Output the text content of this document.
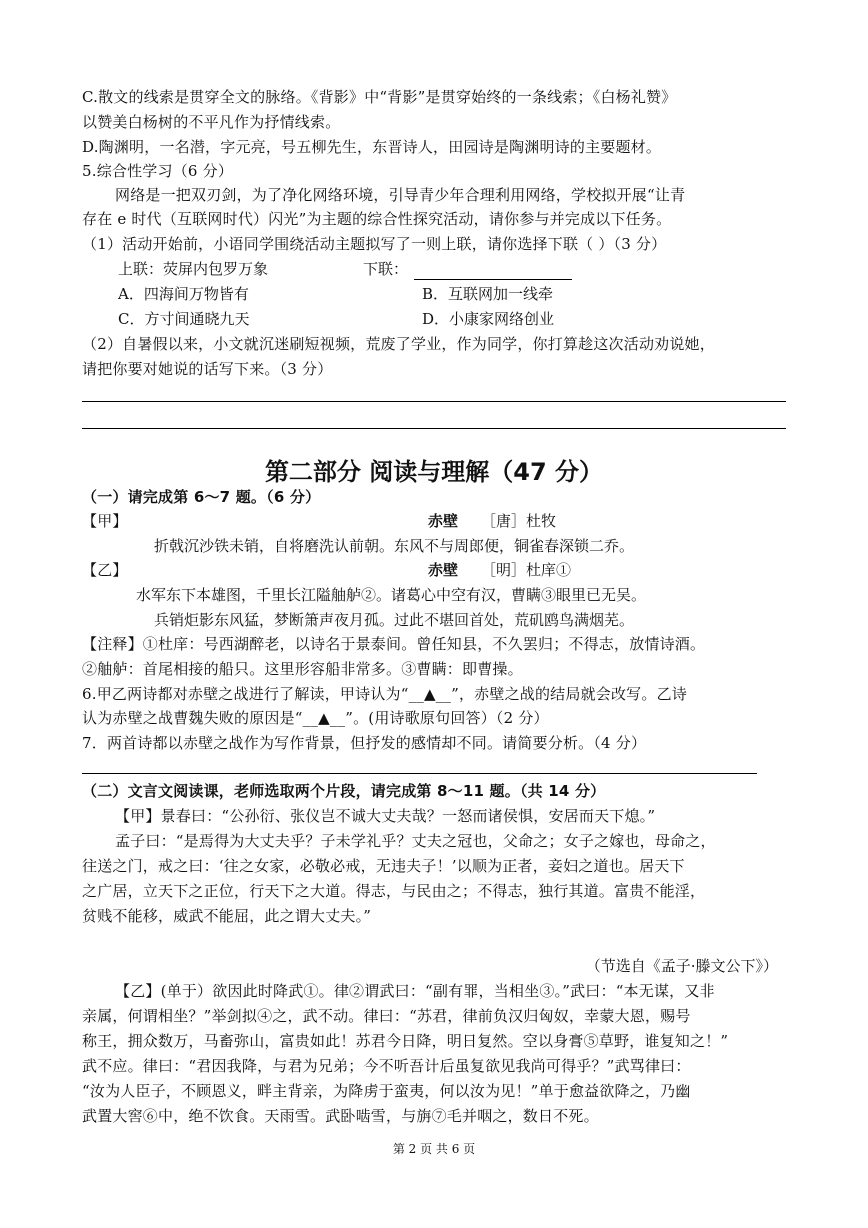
C.散文的线索是贯穿全文的脉络。《背影》中“背影”是贯穿始终的一条线索；《白杨礼赞》
以赞美白杨树的不平凡作为抒情线索。
D.陶渊明，一名潜，字元亮，号五柳先生，东晋诗人，田园诗是陶渊明诗的主要题材。
5.综合性学习（6 分）
网络是一把双刃剑，为了净化网络环境，引导青少年合理利用网络，学校拟开展“让青
存在 e 时代（互联网时代）闪光”为主题的综合性探究活动，请你参与并完成以下任务。
（1）活动开始前，小语同学围绕活动主题拟写了一则上联，请你选择下联（ ）（3 分）
上联：荧屏内包罗万象	下联：
A．四海间万物皆有	B．互联网加一线牵
C．方寸间通晓九天	D．小康家网络创业
（2）自暑假以来，小文就沉迷刷短视频，荒废了学业，作为同学，你打算趁这次活动劝说她，
请把你要对她说的话写下来。（3 分）
第二部分 阅读与理解（47 分）
（一）请完成第 6～7 题。（6 分）
【甲】	赤壁 ［唐］杜牧
折戟沉沙铁未销，自将磨洗认前朝。东风不与周郎便，铜雀春深锁二乔。
【乙】	赤壁 ［明］杜庠①
水军东下本雄图，千里长江隘舳舻②。诸葛心中空有汉，曹瞒③眼里已无吴。
兵销炬影东风猛，梦断箫声夜月孤。过此不堪回首处，荒矶鸥鸟满烟芜。
【注释】①杜庠：号西湖醉老，以诗名于景泰间。曾任知县，不久罢归；不得志，放情诗酒。
②舳舻：首尾相接的船只。这里形容船非常多。③曹瞒：即曹操。
6.甲乙两诗都对赤壁之战进行了解读，甲诗认为“__▲__”，赤壁之战的结局就会改写。乙诗
认为赤壁之战曹魏失败的原因是“__▲__”。(用诗歌原句回答）（2 分）
7．两首诗都以赤壁之战作为写作背景，但抒发的感情却不同。请简要分析。（4 分）
（二）文言文阅读课，老师选取两个片段，请完成第 8～11 题。（共 14 分）
【甲】景春曰：“公孙衍、张仪岂不诚大丈夫哉？一怒而诸侯惧，安居而天下熄。”
孟子曰：“是焉得为大丈夫乎？子未学礼乎？丈夫之冠也，父命之；女子之嫁也，母命之，
往送之门，戒之曰：‘往之女家，必敬必戒，无违夫子！’以顺为正者，妾妇之道也。居天下
之广居，立天下之正位，行天下之大道。得志，与民由之；不得志，独行其道。富贵不能淫，
贫贱不能移，威武不能屈，此之谓大丈夫。”
（节选自《孟子·滕文公下》）
【乙】(单于）欲因此时降武①。律②谓武曰：“副有罪，当相坐③。”武曰：“本无谋，又非
亲属，何谓相坐？”举剑拟④之，武不动。律曰：“苏君，律前负汉归匈奴，幸蒙大恩，赐号
称王，拥众数万，马畜弥山，富贵如此！苏君今日降，明日复然。空以身膏⑤草野，谁复知之！”
武不应。律曰：“君因我降，与君为兄弟；今不听吾计后虽复欲见我尚可得乎？”武骂律曰：
“汝为人臣子，不顾恩义，畔主背亲，为降虏于蛮夷，何以汝为见！”单于愈益欲降之，乃幽
武置大窖⑥中，绝不饮食。天雨雪。武卧啮雪，与旃⑦毛并咽之，数日不死。
第 2 页 共 6 页
